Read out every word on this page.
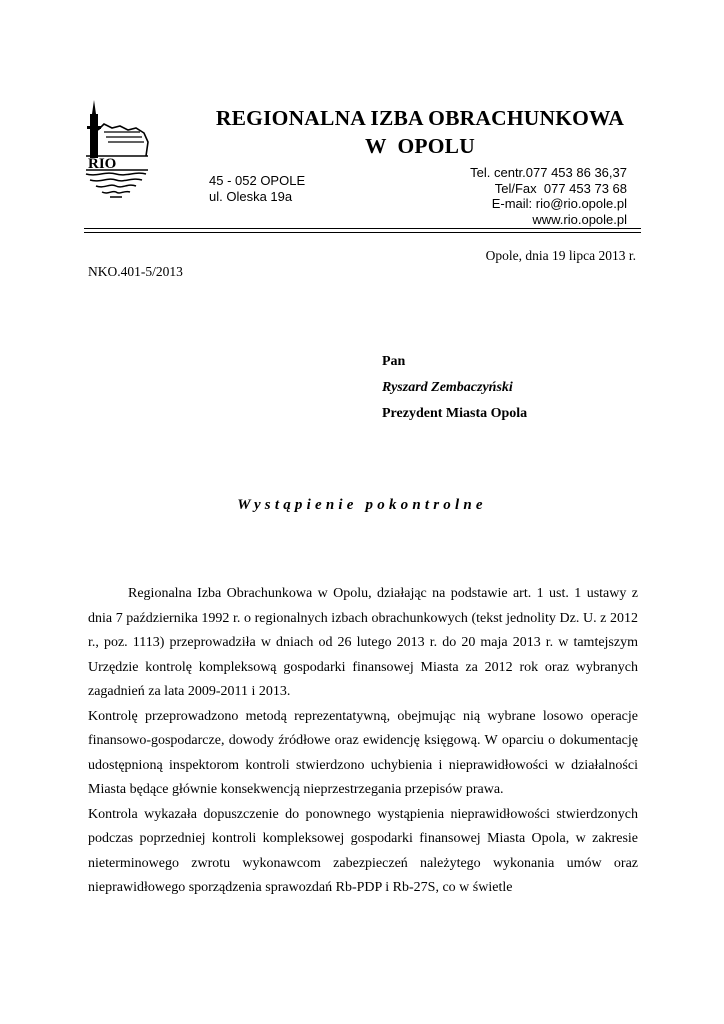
RIO
REGIONALNA IZBA OBRACHUNKOWA
W  OPOLU
45 - 052 OPOLE
ul. Oleska 19a
Tel. centr.077 453 86 36,37
Tel/Fax  077 453 73 68
E-mail: rio@rio.opole.pl
www.rio.opole.pl
Opole, dnia 19 lipca 2013 r.
NKO.401-5/2013
Pan
Ryszard Zembaczyński
Prezydent Miasta Opola
Wystąpienie pokontrolne

Regionalna Izba Obrachunkowa w Opolu, działając na podstawie art. 1 ust. 1 ustawy z dnia 7 października 1992 r. o regionalnych izbach obrachunkowych (tekst jednolity Dz. U. z 2012 r., poz. 1113) przeprowadziła w dniach od 26 lutego 2013 r. do 20 maja 2013 r. w tamtejszym Urzędzie kontrolę kompleksową gospodarki finansowej Miasta za 2012 rok oraz wybranych zagadnień za lata 2009-2011 i 2013.

Kontrolę przeprowadzono metodą reprezentatywną, obejmując nią wybrane losowo operacje finansowo-gospodarcze, dowody źródłowe oraz ewidencję księgową. W oparciu o dokumentację udostępnioną inspektorom kontroli stwierdzono uchybienia i nieprawidłowości w działalności Miasta będące głównie konsekwencją nieprzestrzegania przepisów prawa.

Kontrola wykazała dopuszczenie do ponownego wystąpienia nieprawidłowości stwierdzonych podczas poprzedniej kontroli kompleksowej gospodarki finansowej Miasta Opola, w zakresie nieterminowego zwrotu wykonawcom zabezpieczeń należytego wykonania umów oraz nieprawidłowego sporządzenia sprawozdań Rb-PDP i Rb-27S, co w świetle
